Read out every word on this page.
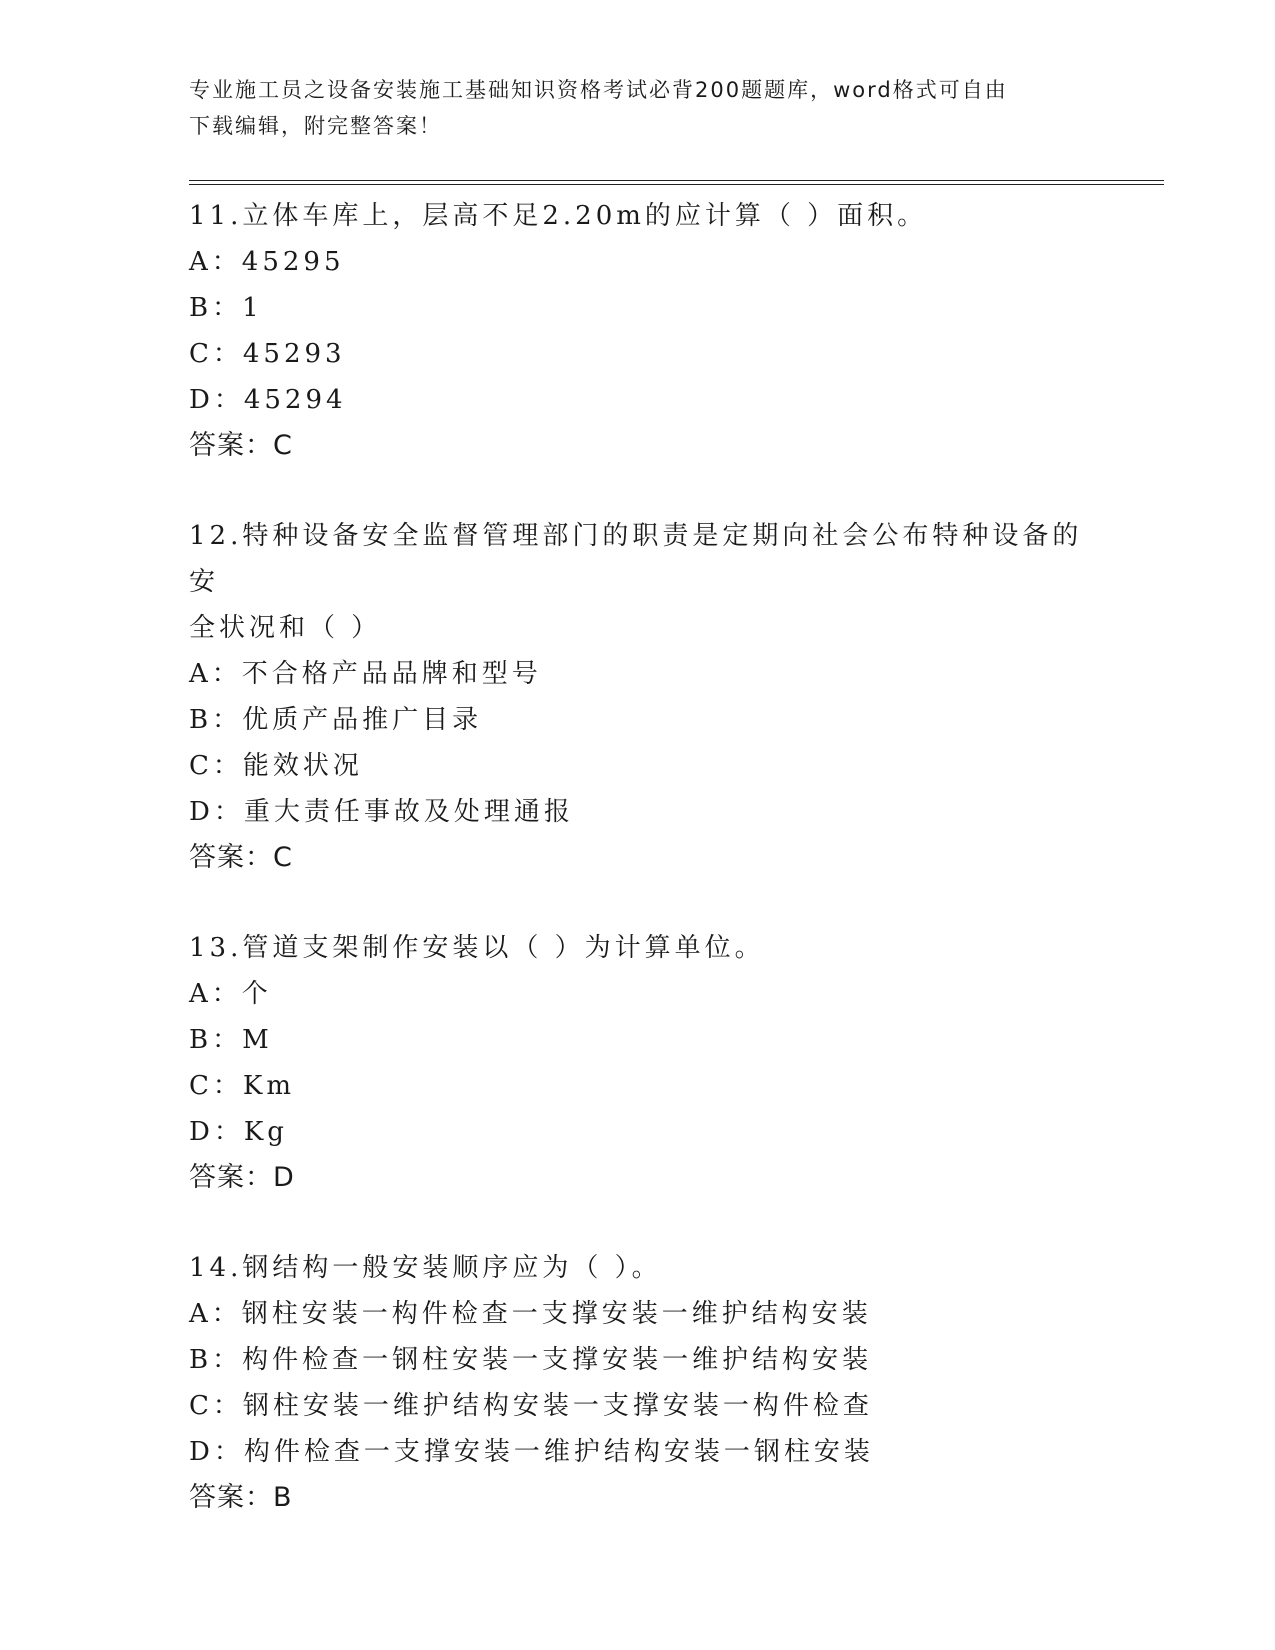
专业施工员之设备安装施工基础知识资格考试必背200题题库，word格式可自由
下载编辑，附完整答案！
11.立体车库上，层高不足2.20m的应计算（ ）面积。
A：45295
B：1
C：45293
D：45294
答案：C
12.特种设备安全监督管理部门的职责是定期向社会公布特种设备的安
全状况和（ ）
A：不合格产品品牌和型号
B：优质产品推广目录
C：能效状况
D：重大责任事故及处理通报
答案：C
13.管道支架制作安装以（ ）为计算单位。
A：个
B：M
C：Km
D：Kg
答案：D
14.钢结构一般安装顺序应为（ ）。
A：钢柱安装一构件检查一支撑安装一维护结构安装
B：构件检查一钢柱安装一支撑安装一维护结构安装
C：钢柱安装一维护结构安装一支撑安装一构件检查
D：构件检查一支撑安装一维护结构安装一钢柱安装
答案：B
